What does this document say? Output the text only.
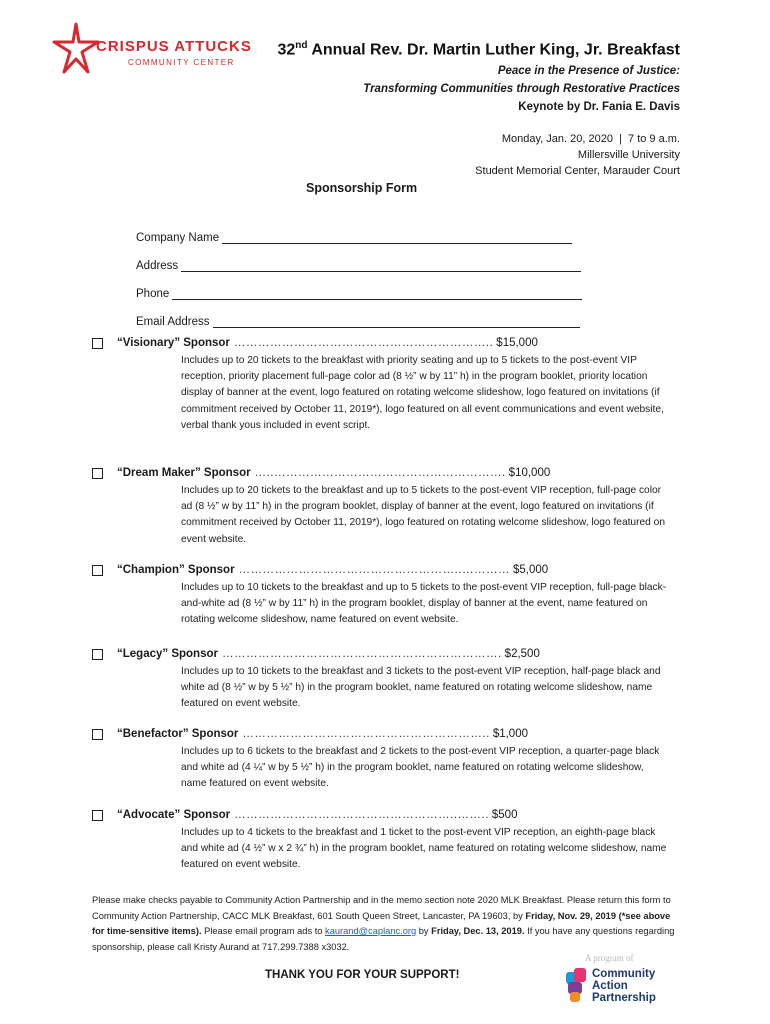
CRISPUS ATTUCKS
COMMUNITY CENTER
32nd Annual Rev. Dr. Martin Luther King, Jr. Breakfast
Peace in the Presence of Justice:
Transforming Communities through Restorative Practices
Keynote by Dr. Fania E. Davis
Monday, Jan. 20, 2020  |  7 to 9 a.m.
Millersville University
Student Memorial Center, Marauder Court
Sponsorship Form
Company Name
Address
Phone
Email Address
“Visionary” Sponsor ……………………………………………………….. $15,000
Includes up to 20 tickets to the breakfast with priority seating and up to 5 tickets to the post-event VIP reception, priority placement full-page color ad (8 ½” w by 11” h) in the program booklet, priority location display of banner at the event, logo featured on rotating welcome slideshow, logo featured on invitations (if commitment received by October 11, 2019*), logo featured on all event communications and event website, verbal thank yous included in event script.
“Dream Maker” Sponsor …..…………………………………………………. $10,000
Includes up to 20 tickets to the breakfast and up to 5 tickets to the post-event VIP reception, full-page color ad (8 ½” w by 11” h) in the program booklet, display of banner at the event, logo featured on invitations (if commitment received by October 11, 2019*), logo featured on rotating welcome slideshow, logo featured on event website.
“Champion” Sponsor ………………………………………………..………… $5,000
Includes up to 10 tickets to the breakfast and up to 5 tickets to the post-event VIP reception, full-page black-and-white ad (8 ½” w by 11” h) in the program booklet, display of banner at the event, name featured on rotating welcome slideshow, name featured on event website.
“Legacy” Sponsor ……………………………………………………………. $2,500
Includes up to 10 tickets to the breakfast and 3 tickets to the post-event VIP reception, half-page black and white ad (8 ½” w by 5 ½” h) in the program booklet, name featured on rotating welcome slideshow, name featured on event website.
“Benefactor” Sponsor …………………………………………………….. $1,000
Includes up to 6 tickets to the breakfast and 2 tickets to the post-event VIP reception, a quarter-page black and white ad (4 ¼” w by 5 ½” h) in the program booklet, name featured on rotating welcome slideshow, name featured on event website.
“Advocate” Sponsor ………………………………………………..…….. $500
Includes up to 4 tickets to the breakfast and 1 ticket to the post-event VIP reception, an eighth-page black and white ad (4 ½” w x 2 ¾” h) in the program booklet, name featured on rotating welcome slideshow, name featured on event website.
Please make checks payable to Community Action Partnership and in the memo section note 2020 MLK Breakfast. Please return this form to Community Action Partnership, CACC MLK Breakfast, 601 South Queen Street, Lancaster, PA 19603, by Friday, Nov. 29, 2019 (*see above for time-sensitive items). Please email program ads to kaurand@caplanc.org by Friday, Dec. 13, 2019. If you have any questions regarding sponsorship, please call Kristy Aurand at 717.299.7388 x3032.
THANK YOU FOR YOUR SUPPORT!
A program of
Community
Action
Partnership
